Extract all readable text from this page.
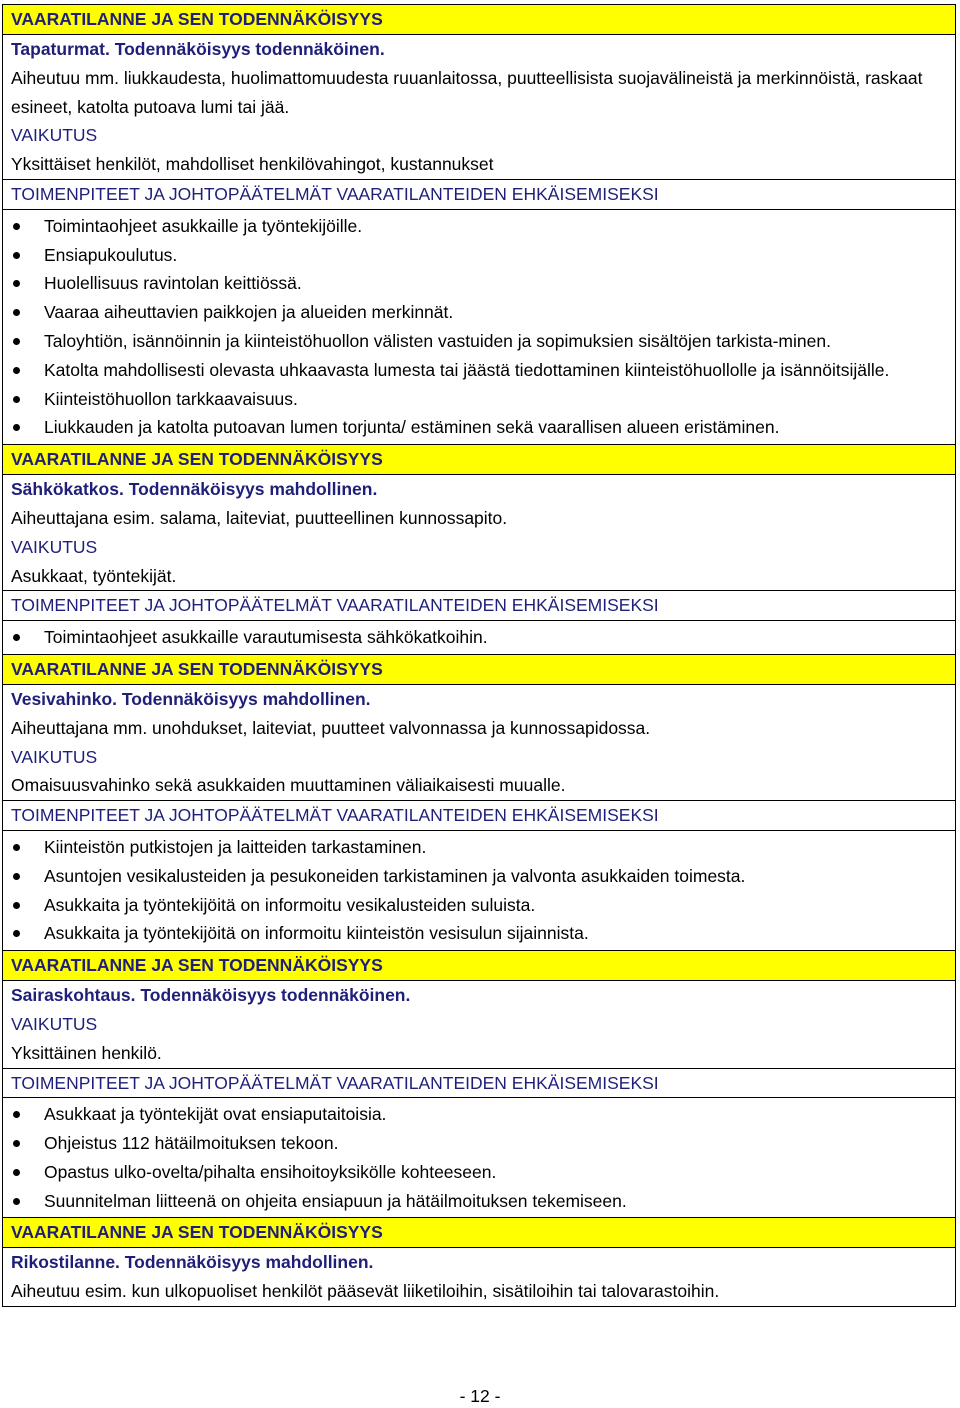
VAARATILANNE JA SEN TODENNÄKÖISYYS

Tapaturmat. Todennäköisyys todennäköinen.
Aiheutuu mm. liukkaudesta, huolimattomuudesta ruuanlaitossa, puutteellisista suojavälineistä ja merkinnöistä, raskaat esineet, katolta putoava lumi tai jää.
VAIKUTUS
Yksittäiset henkilöt, mahdolliset henkilövahingot, kustannukset

TOIMENPITEET JA JOHTOPÄÄTELMÄT VAARATILANTEIDEN EHKÄISEMISEKSI

Toimintaohjeet asukkaille ja työntekijöille.
Ensiapukoulutus.
Huolellisuus ravintolan keittiössä.
Vaaraa aiheuttavien paikkojen ja alueiden merkinnät.
Taloyhtiön, isännöinnin ja kiinteistöhuollon välisten vastuiden ja sopimuksien sisältöjen tarkista-minen.
Katolta mahdollisesti olevasta uhkaavasta lumesta tai jäästä tiedottaminen kiinteistöhuollolle ja isännöitsijälle.
Kiinteistöhuollon tarkkaavaisuus.
Liukkauden ja katolta putoavan lumen torjunta/ estäminen sekä vaarallisen alueen eristäminen.

VAARATILANNE JA SEN TODENNÄKÖISYYS

Sähkökatkos. Todennäköisyys mahdollinen.
Aiheuttajana esim. salama, laiteviat, puutteellinen kunnossapito.
VAIKUTUS
Asukkaat, työntekijät.

TOIMENPITEET JA JOHTOPÄÄTELMÄT VAARATILANTEIDEN EHKÄISEMISEKSI

Toimintaohjeet asukkaille varautumisesta sähkökatkoihin.

VAARATILANNE JA SEN TODENNÄKÖISYYS

Vesivahinko. Todennäköisyys mahdollinen.
Aiheuttajana mm. unohdukset, laiteviat, puutteet valvonnassa ja kunnossapidossa.
VAIKUTUS
Omaisuusvahinko sekä asukkaiden muuttaminen väliaikaisesti muualle.

TOIMENPITEET JA JOHTOPÄÄTELMÄT VAARATILANTEIDEN EHKÄISEMISEKSI

Kiinteistön putkistojen ja laitteiden tarkastaminen.
Asuntojen vesikalusteiden ja pesukoneiden tarkistaminen ja valvonta asukkaiden toimesta.
Asukkaita ja työntekijöitä on informoitu vesikalusteiden suluista.
Asukkaita ja työntekijöitä on informoitu kiinteistön vesisulun sijainnista.

VAARATILANNE JA SEN TODENNÄKÖISYYS

Sairaskohtaus. Todennäköisyys todennäköinen.
VAIKUTUS
Yksittäinen henkilö.

TOIMENPITEET JA JOHTOPÄÄTELMÄT VAARATILANTEIDEN EHKÄISEMISEKSI

Asukkaat ja työntekijät ovat ensiaputaitoisia.
Ohjeistus 112 hätäilmoituksen tekoon.
Opastus ulko-ovelta/pihalta ensihoitoyksikölle kohteeseen.
Suunnitelman liitteenä on ohjeita ensiapuun ja hätäilmoituksen tekemiseen.

VAARATILANNE JA SEN TODENNÄKÖISYYS

Rikostilanne. Todennäköisyys mahdollinen.
Aiheutuu esim. kun ulkopuoliset henkilöt pääsevät liiketiloihin, sisätiloihin tai talovarastoihin.
- 12 -
